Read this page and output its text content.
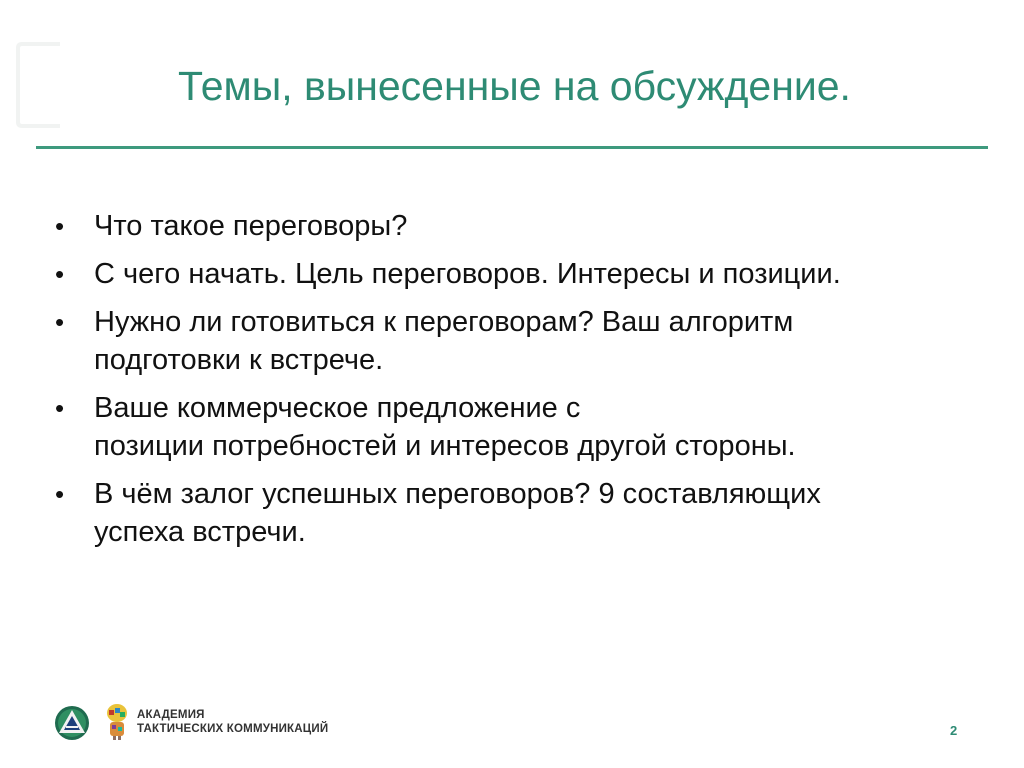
Темы, вынесенные на обсуждение.
•	Что такое переговоры?
•	С чего начать. Цель переговоров. Интересы и позиции.
•	Нужно ли готовиться к переговорам? Ваш алгоритм
подготовки к встрече.
•	Ваше коммерческое предложение с
позиции потребностей и интересов другой стороны.
•	В чём залог успешных переговоров? 9 составляющих
успеха встречи.
АКАДЕМИЯ
ТАКТИЧЕСКИХ КОММУНИКАЦИЙ	2
